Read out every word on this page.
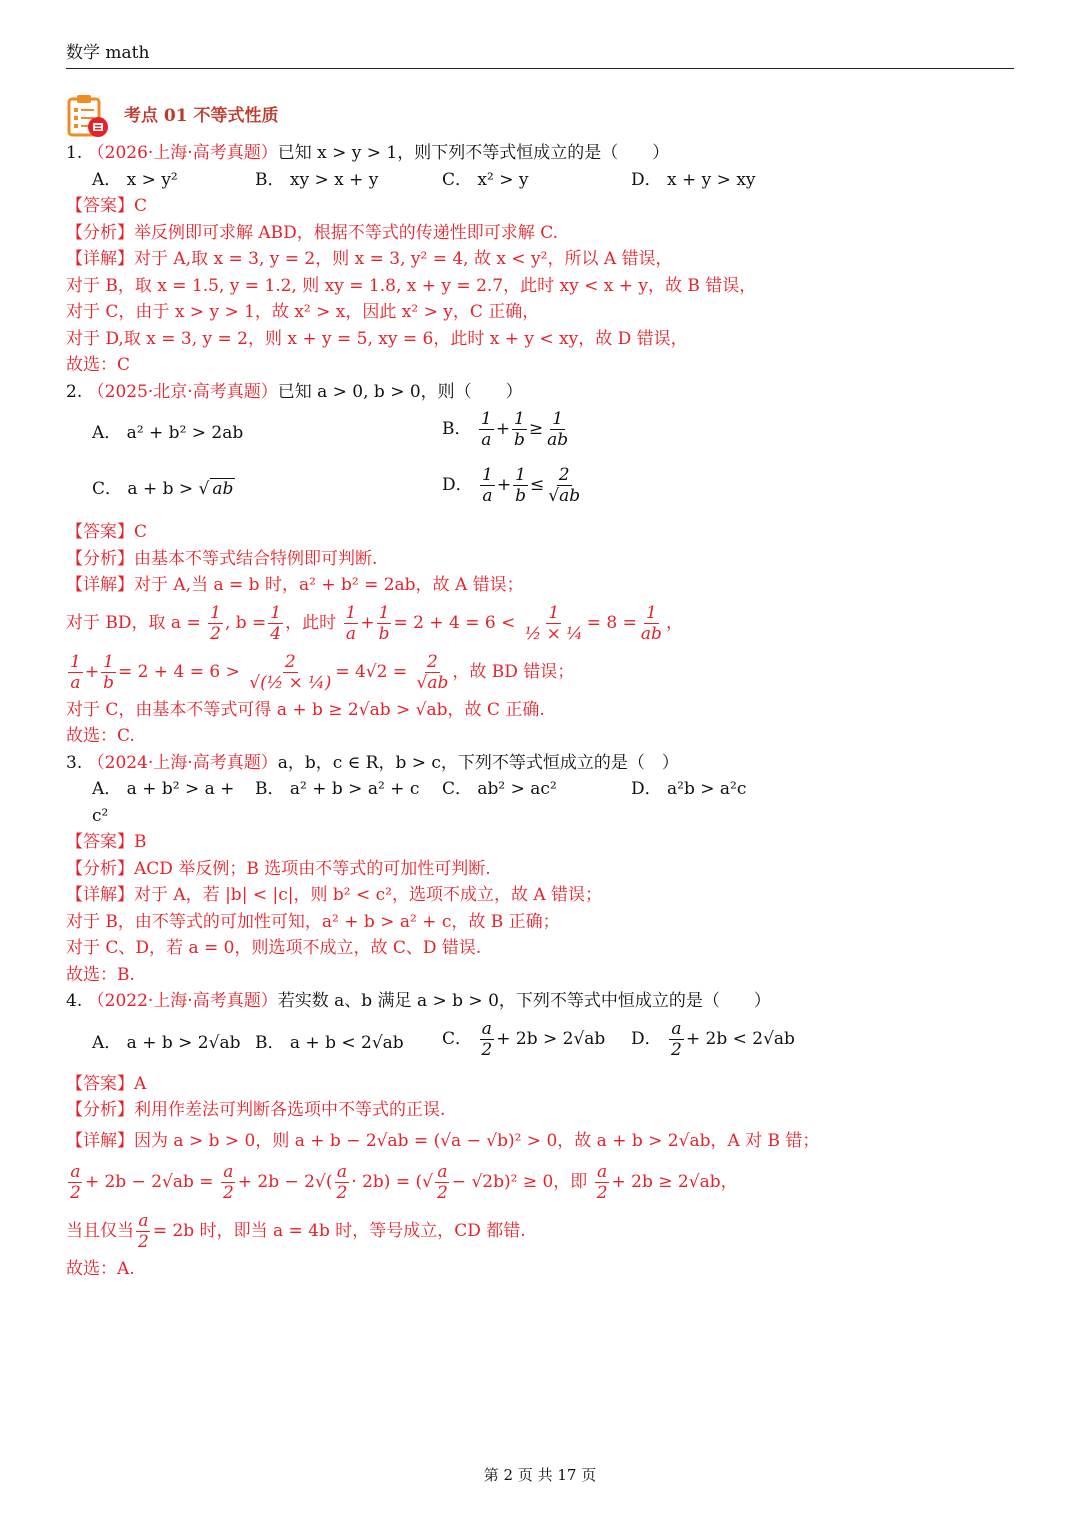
数学 math
考点 01 不等式性质
1. （2026·上海·高考真题）已知 x > y > 1，则下列不等式恒成立的是（　　）
A． x > y²	B． xy > x + y	C． x² > y	D． x + y > xy
【答案】C
【分析】举反例即可求解 ABD，根据不等式的传递性即可求解 C.
【详解】对于 A,取 x = 3, y = 2，则 x = 3, y² = 4, 故 x < y²，所以 A 错误，
对于 B，取 x = 1.5, y = 1.2, 则 xy = 1.8, x + y = 2.7，此时 xy < x + y，故 B 错误，
对于 C，由于 x > y > 1，故 x² > x，因此 x² > y，C 正确，
对于 D,取 x = 3, y = 2，则 x + y = 5, xy = 6，此时 x + y < xy，故 D 错误，
故选：C
2. （2025·北京·高考真题）已知 a > 0, b > 0，则（　　）
A． a² + b² > 2ab	B． $\frac{1}{a} + \frac{1}{b} \ge \frac{1}{ab}$
C． a + b > √ ab	D． $\frac{1}{a} + \frac{1}{b} \le \frac{2}{√ab}$
【答案】C
【分析】由基本不等式结合特例即可判断.
【详解】对于 A,当 a = b 时，a² + b² = 2ab，故 A 错误；
对于 BD，取 $a = \frac{1}{2}$ , $b = \frac{1}{4}$ ，此时 $\frac{1}{a} + \frac{1}{b} = 2 + 4 = 6 < \frac{1}{\text{½ × ¼}} = 8 = \frac{1}{ab}$ ，
$\frac{1}{a} + \frac{1}{b} = 2 + 4 = 6 > \frac{2}{\text{√(½ × ¼)}} = 4√2 = \frac{2}{√ab}$ ，故 BD 错误；
对于 C，由基本不等式可得 a + b ≥ 2√ab > √ab，故 C 正确.
故选：C.
3. （2024·上海·高考真题）a，b，c ∈ R，b > c，下列不等式恒成立的是（　）
A． a + b² > a + c²
B． a² + b > a² + c	C． ab² > ac²	D． a²b > a²c
【答案】B
【分析】ACD 举反例；B 选项由不等式的可加性可判断.
【详解】对于 A，若 |b| < |c|，则 b² < c²，选项不成立，故 A 错误；
对于 B，由不等式的可加性可知，a² + b > a² + c，故 B 正确；
对于 C、D，若 a = 0，则选项不成立，故 C、D 错误.
故选：B.
4. （2022·上海·高考真题）若实数 a、b 满足 a > b > 0，下列不等式中恒成立的是（　　）
A． a + b > 2√ab B． a + b < 2√ab	C． $\frac{a}{2} + 2b > 2√ab$	D． $\frac{a}{2} + 2b < 2√ab$
【答案】A
【分析】利用作差法可判断各选项中不等式的正误.
【详解】因为 a > b > 0，则 a + b − 2√ab = (√a − √b)² > 0，故 a + b > 2√ab，A 对 B 错；
$\frac{a}{2} + 2b - 2√ab = \frac{a}{2} + 2b - 2√( \frac{a}{2} \cdot 2b)$ = (√ $\frac{a}{2} - √2b)^2 \ge 0$，即 $\frac{a}{2} + 2b \ge 2√ab$，
当且仅当 $\frac{a}{2} = 2b$ 时，即当 a = 4b 时，等号成立，CD 都错.
故选：A.
第 2 页 共 17 页
